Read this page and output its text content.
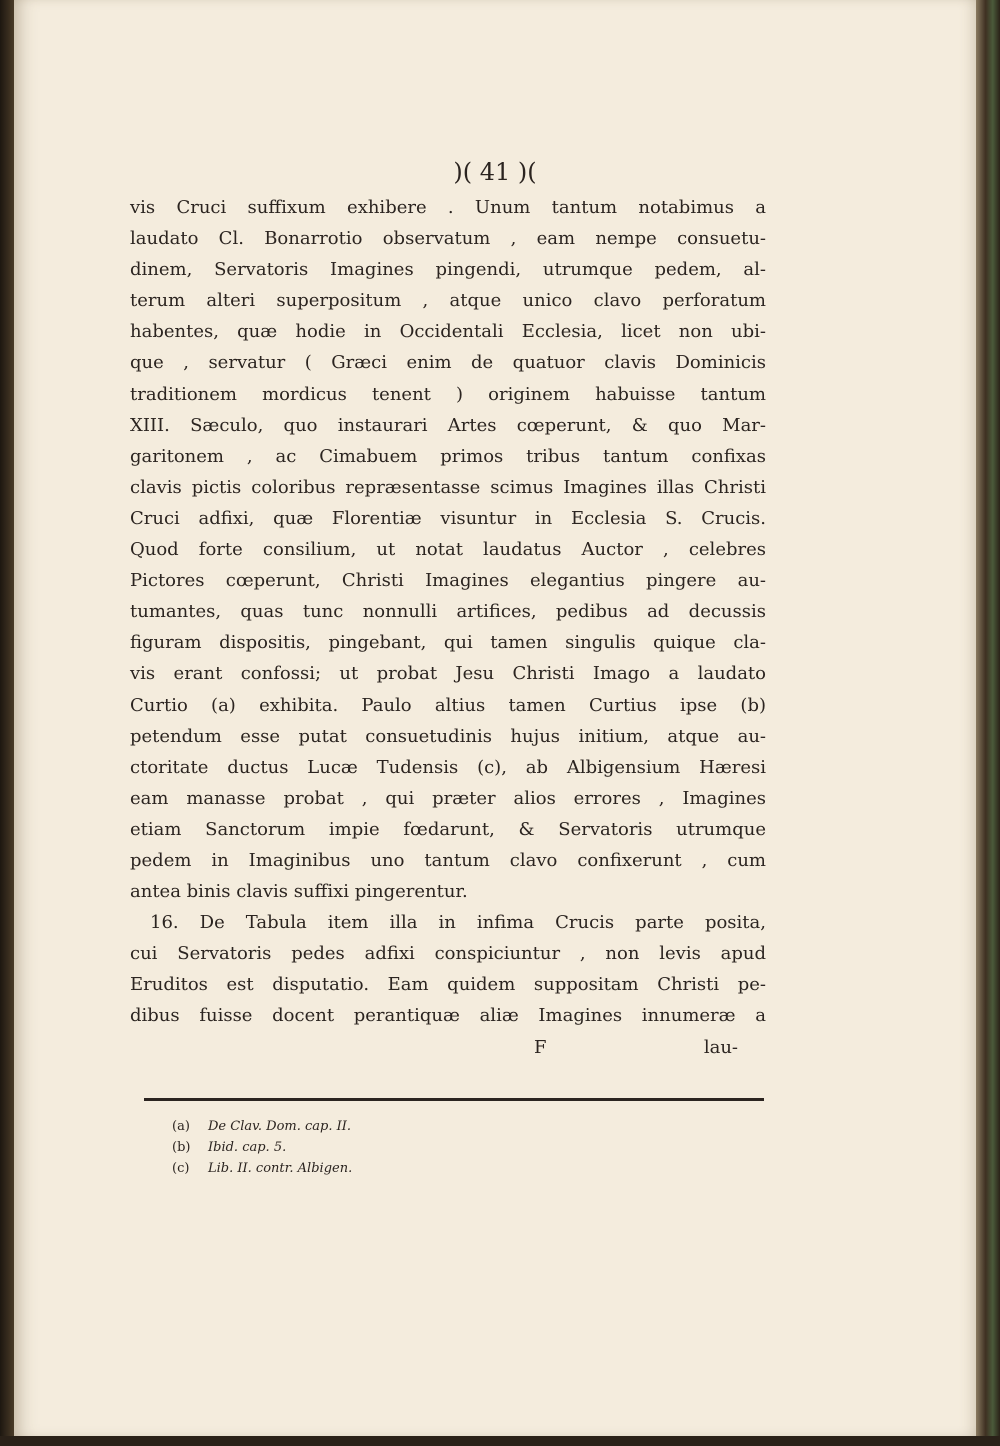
)( 41 )(
vis Cruci suffixum exhibere . Unum tantum notabimus a
laudato Cl. Bonarrotio observatum , eam nempe consuetu-
dinem, Servatoris Imagines pingendi, utrumque pedem, al-
terum alteri superpositum , atque unico clavo perforatum
habentes, quæ hodie in Occidentali Ecclesia, licet non ubi-
que , servatur ( Græci enim de quatuor clavis Dominicis
traditionem mordicus tenent ) originem habuisse tantum
XIII. Sæculo, quo instaurari Artes cœperunt, & quo Mar-
garitonem , ac Cimabuem primos tribus tantum confixas
clavis pictis coloribus repræsentasse scimus Imagines illas Christi
Cruci adfixi, quæ Florentiæ visuntur in Ecclesia S. Crucis.
Quod forte consilium, ut notat laudatus Auctor , celebres
Pictores cœperunt, Christi Imagines elegantius pingere au-
tumantes, quas tunc nonnulli artifices, pedibus ad decussis
figuram dispositis, pingebant, qui tamen singulis quique cla-
vis erant confossi; ut probat Jesu Christi Imago a laudato
Curtio (a) exhibita. Paulo altius tamen Curtius ipse (b)
petendum esse putat consuetudinis hujus initium, atque au-
ctoritate ductus Lucæ Tudensis (c), ab Albigensium Hæresi
eam manasse probat , qui præter alios errores , Imagines
etiam Sanctorum impie fœdarunt, & Servatoris utrumque
pedem in Imaginibus uno tantum clavo confixerunt , cum
antea binis clavis suffixi pingerentur.
16. De Tabula item illa in infima Crucis parte posita,
cui Servatoris pedes adfixi conspiciuntur , non levis apud
Eruditos est disputatio. Eam quidem suppositam Christi pe-
dibus fuisse docent perantiquæ aliæ Imagines innumeræ a
F	lau-
(a) De Clav. Dom. cap. II.
(b) Ibid. cap. 5.
(c) Lib. II. contr. Albigen.
